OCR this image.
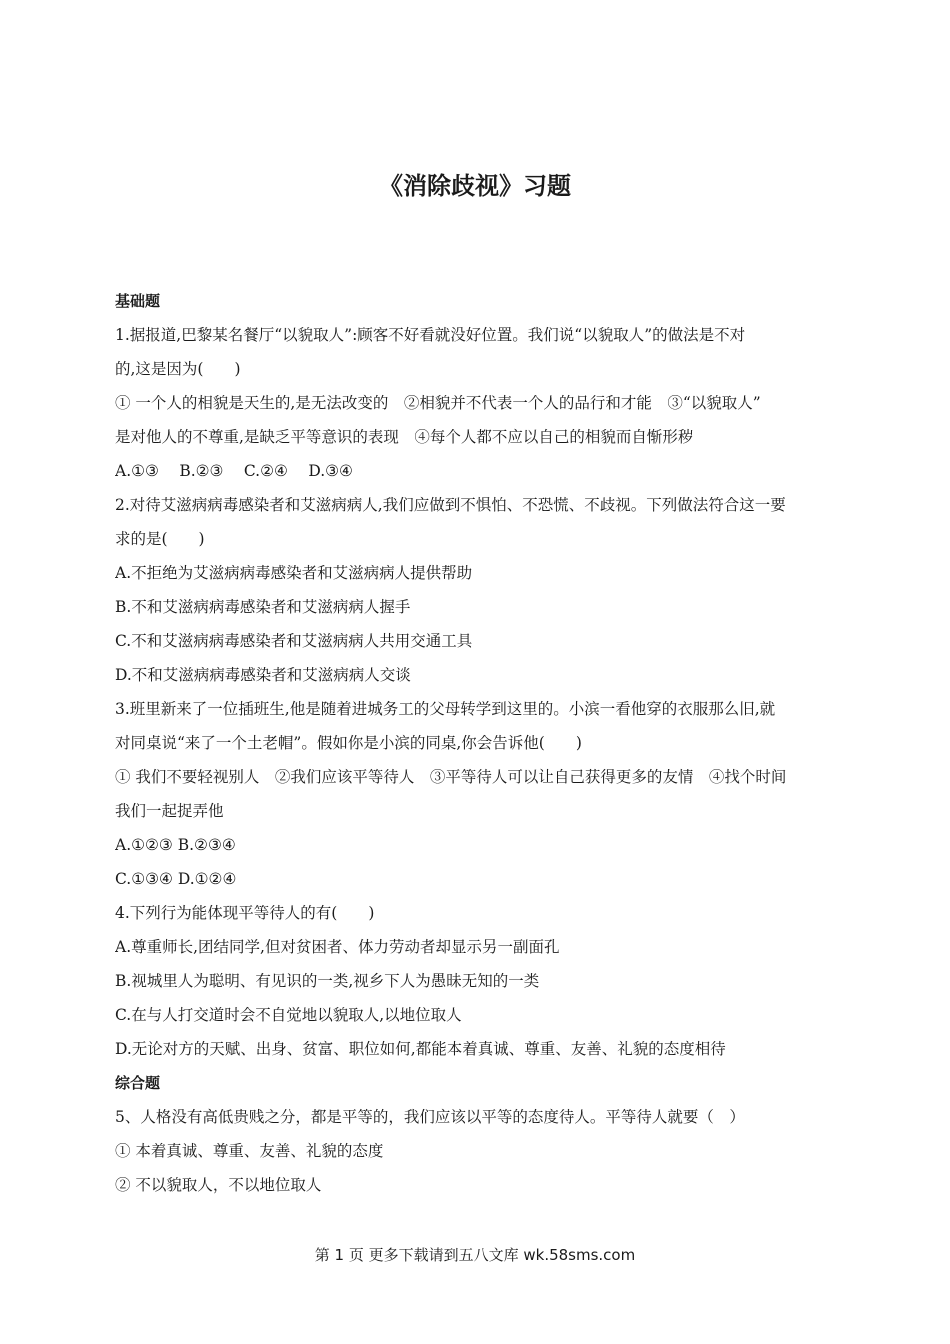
《消除歧视》习题
基础题
1.据报道,巴黎某名餐厅“以貌取人”:顾客不好看就没好位置。我们说“以貌取人”的做法是不对
的,这是因为(　　)
① 一个人的相貌是天生的,是无法改变的　②相貌并不代表一个人的品行和才能　③“以貌取人”
是对他人的不尊重,是缺乏平等意识的表现　④每个人都不应以自己的相貌而自惭形秽
A.①③　 B.②③　 C.②④　 D.③④
2.对待艾滋病病毒感染者和艾滋病病人,我们应做到不惧怕、不恐慌、不歧视。下列做法符合这一要
求的是(　　)
A.不拒绝为艾滋病病毒感染者和艾滋病病人提供帮助
B.不和艾滋病病毒感染者和艾滋病病人握手
C.不和艾滋病病毒感染者和艾滋病病人共用交通工具
D.不和艾滋病病毒感染者和艾滋病病人交谈
3.班里新来了一位插班生,他是随着进城务工的父母转学到这里的。小滨一看他穿的衣服那么旧,就
对同桌说“来了一个土老帽”。假如你是小滨的同桌,你会告诉他(　　)
① 我们不要轻视别人　②我们应该平等待人　③平等待人可以让自己获得更多的友情　④找个时间
我们一起捉弄他
A.①②③ B.②③④
C.①③④ D.①②④
4.下列行为能体现平等待人的有(　　)
A.尊重师长,团结同学,但对贫困者、体力劳动者却显示另一副面孔
B.视城里人为聪明、有见识的一类,视乡下人为愚昧无知的一类
C.在与人打交道时会不自觉地以貌取人,以地位取人
D.无论对方的天赋、出身、贫富、职位如何,都能本着真诚、尊重、友善、礼貌的态度相待
综合题
5、人格没有高低贵贱之分，都是平等的，我们应该以平等的态度待人。平等待人就要（　）
① 本着真诚、尊重、友善、礼貌的态度
② 不以貌取人，不以地位取人
第 1 页 更多下载请到五八文库 wk.58sms.com
